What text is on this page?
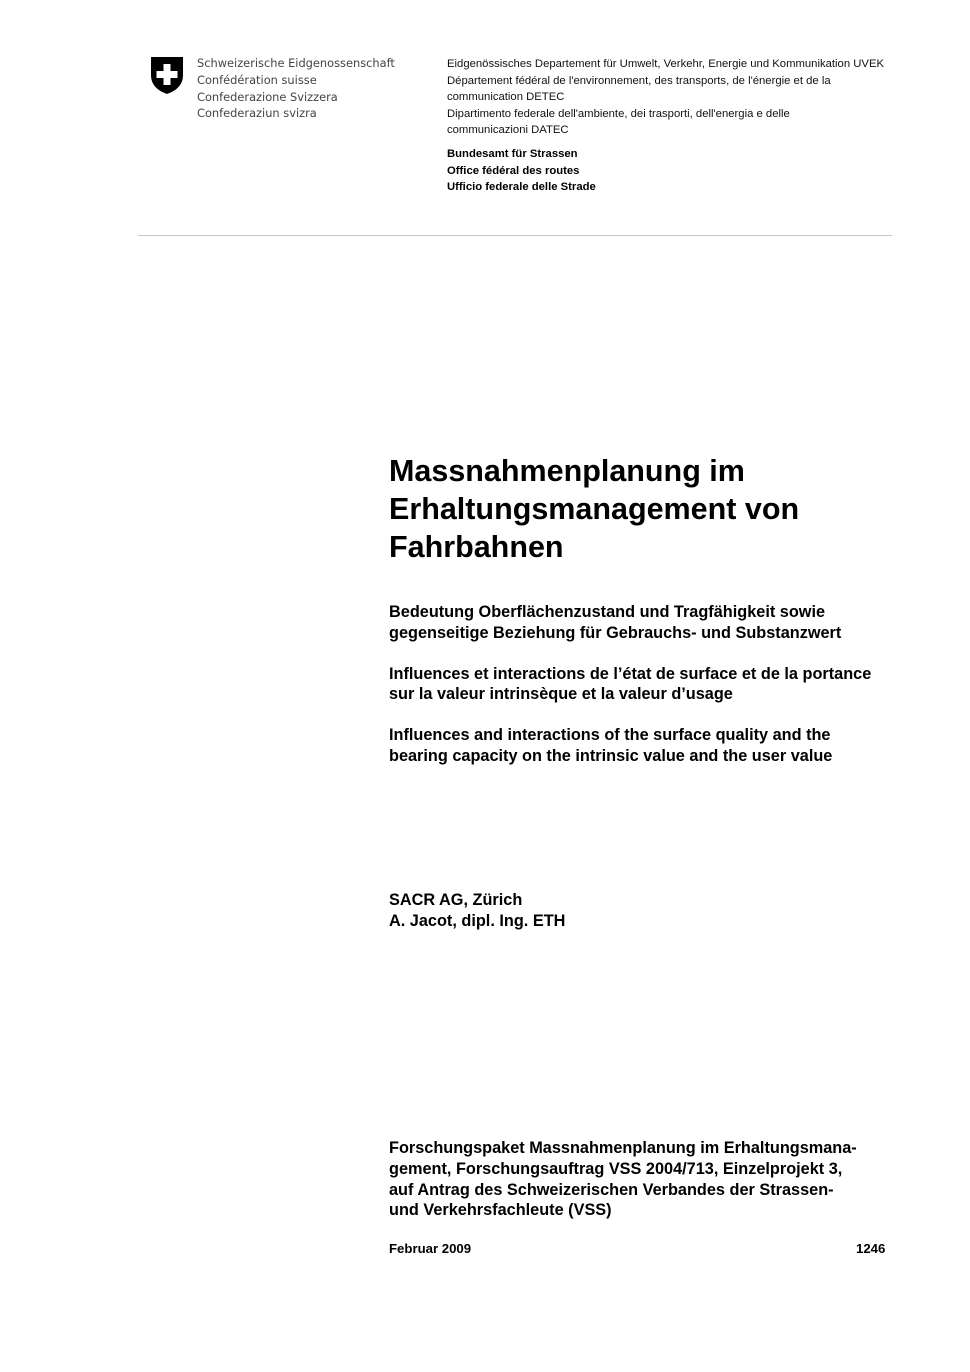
Schweizerische Eidgenossenschaft
Confédération suisse
Confederazione Svizzera
Confederaziun svizra
Eidgenössisches Departement für Umwelt, Verkehr, Energie und Kommunikation UVEK
Département fédéral de l'environnement, des transports, de l'énergie et de la
communication DETEC
Dipartimento federale dell'ambiente, dei trasporti, dell'energia e delle
communicazioni DATEC
Bundesamt für Strassen
Office fédéral des routes
Ufficio federale delle Strade
Massnahmenplanung im
Erhaltungsmanagement von
Fahrbahnen
Bedeutung Oberflächenzustand und Tragfähigkeit sowie
gegenseitige Beziehung für Gebrauchs- und Substanzwert
Influences et interactions de l’état de surface et de la portance
sur la valeur intrinsèque et la valeur d’usage
Influences and interactions of the surface quality and the
bearing capacity on the intrinsic value and the user value
SACR AG, Zürich
A. Jacot, dipl. Ing. ETH
Forschungspaket Massnahmenplanung im Erhaltungsmana-
gement, Forschungsauftrag VSS 2004/713, Einzelprojekt 3,
auf Antrag des Schweizerischen Verbandes der Strassen-
und Verkehrsfachleute (VSS)
Februar 2009	1246
